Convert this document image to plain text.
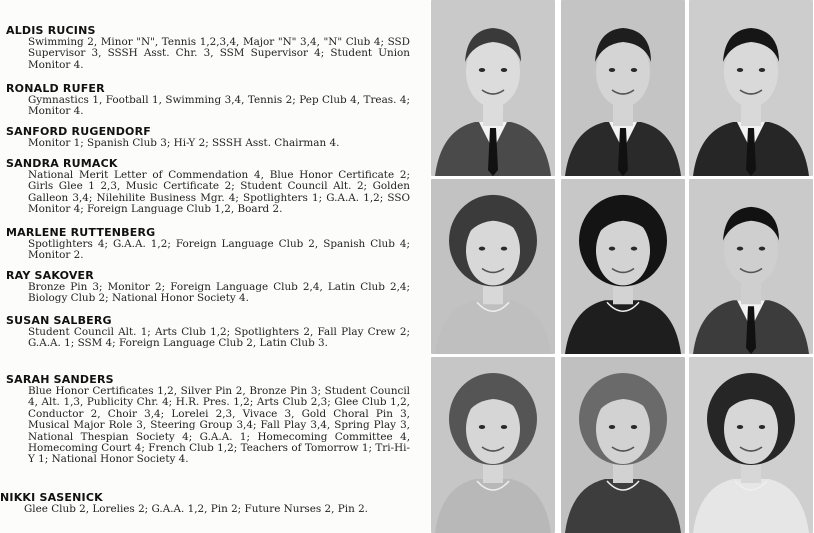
ALDIS RUCINS
Swimming 2, Minor "N", Tennis 1,2,3,4, Major "N" 3,4, "N" Club 4; SSD Supervisor 3, SSSH Asst. Chr. 3, SSM Supervisor 4; Student Union Monitor 4.
RONALD RUFER
Gymnastics 1, Football 1, Swimming 3,4, Tennis 2; Pep Club 4, Treas. 4; Monitor 4.
SANFORD RUGENDORF
Monitor 1; Spanish Club 3; Hi-Y 2; SSSH Asst. Chairman 4.
SANDRA RUMACK
National Merit Letter of Commendation 4, Blue Honor Certificate 2; Girls Glee 1 2,3, Music Certificate 2; Student Council Alt. 2; Golden Galleon 3,4; Nilehilite Business Mgr. 4; Spotlighters 1; G.A.A. 1,2; SSO Monitor 4; Foreign Language Club 1,2, Board 2.
MARLENE RUTTENBERG
Spotlighters 4; G.A.A. 1,2; Foreign Language Club 2, Spanish Club 4; Monitor 2.
RAY SAKOVER
Bronze Pin 3; Monitor 2; Foreign Language Club 2,4, Latin Club 2,4; Biology Club 2; National Honor Society 4.
SUSAN SALBERG
Student Council Alt. 1; Arts Club 1,2; Spotlighters 2, Fall Play Crew 2; G.A.A. 1; SSM 4; Foreign Language Club 2, Latin Club 3.
SARAH SANDERS
Blue Honor Certificates 1,2, Silver Pin 2, Bronze Pin 3; Student Council 4, Alt. 1,3, Publicity Chr. 4; H.R. Pres. 1,2; Arts Club 2,3; Glee Club 1,2, Conductor 2, Choir 3,4; Lorelei 2,3, Vivace 3, Gold Choral Pin 3, Musical Major Role 3, Steering Group 3,4; Fall Play 3,4, Spring Play 3, National Thespian Society 4; G.A.A. 1; Homecoming Committee 4, Homecoming Court 4; French Club 1,2; Teachers of Tomorrow 1; Tri-Hi-Y 1; National Honor Society 4.
NIKKI SASENICK
Glee Club 2, Lorelies 2; G.A.A. 1,2, Pin 2; Future Nurses 2, Pin 2.
